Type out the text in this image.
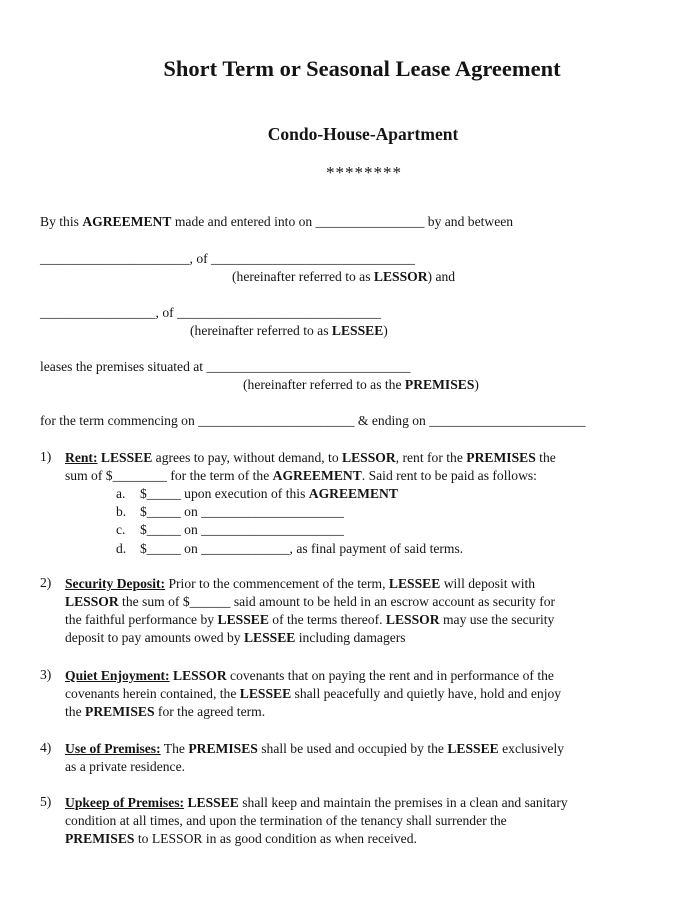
Short Term or Seasonal Lease Agreement
Condo-House-Apartment
********
By this AGREEMENT made and entered into on ________________ by and between
______________________, of ______________________________
(hereinafter referred to as LESSOR) and
_________________, of ______________________________
(hereinafter referred to as LESSEE)
leases the premises situated at ______________________________
(hereinafter referred to as the PREMISES)
for the term commencing on _______________________ & ending on _______________________
1) Rent: LESSEE agrees to pay, without demand, to LESSOR, rent for the PREMISES the
sum of $________ for the term of the AGREEMENT. Said rent to be paid as follows:
a. $_____ upon execution of this AGREEMENT
b. $_____ on _____________________
c. $_____ on _____________________
d. $_____ on _____________, as final payment of said terms.
2) Security Deposit: Prior to the commencement of the term, LESSEE will deposit with
LESSOR the sum of $______ said amount to be held in an escrow account as security for
the faithful performance by LESSEE of the terms thereof. LESSOR may use the security
deposit to pay amounts owed by LESSEE including damagers
3) Quiet Enjoyment: LESSOR covenants that on paying the rent and in performance of the
covenants herein contained, the LESSEE shall peacefully and quietly have, hold and enjoy
the PREMISES for the agreed term.
4) Use of Premises: The PREMISES shall be used and occupied by the LESSEE exclusively
as a private residence.
5) Upkeep of Premises: LESSEE shall keep and maintain the premises in a clean and sanitary
condition at all times, and upon the termination of the tenancy shall surrender the
PREMISES to LESSOR in as good condition as when received.
